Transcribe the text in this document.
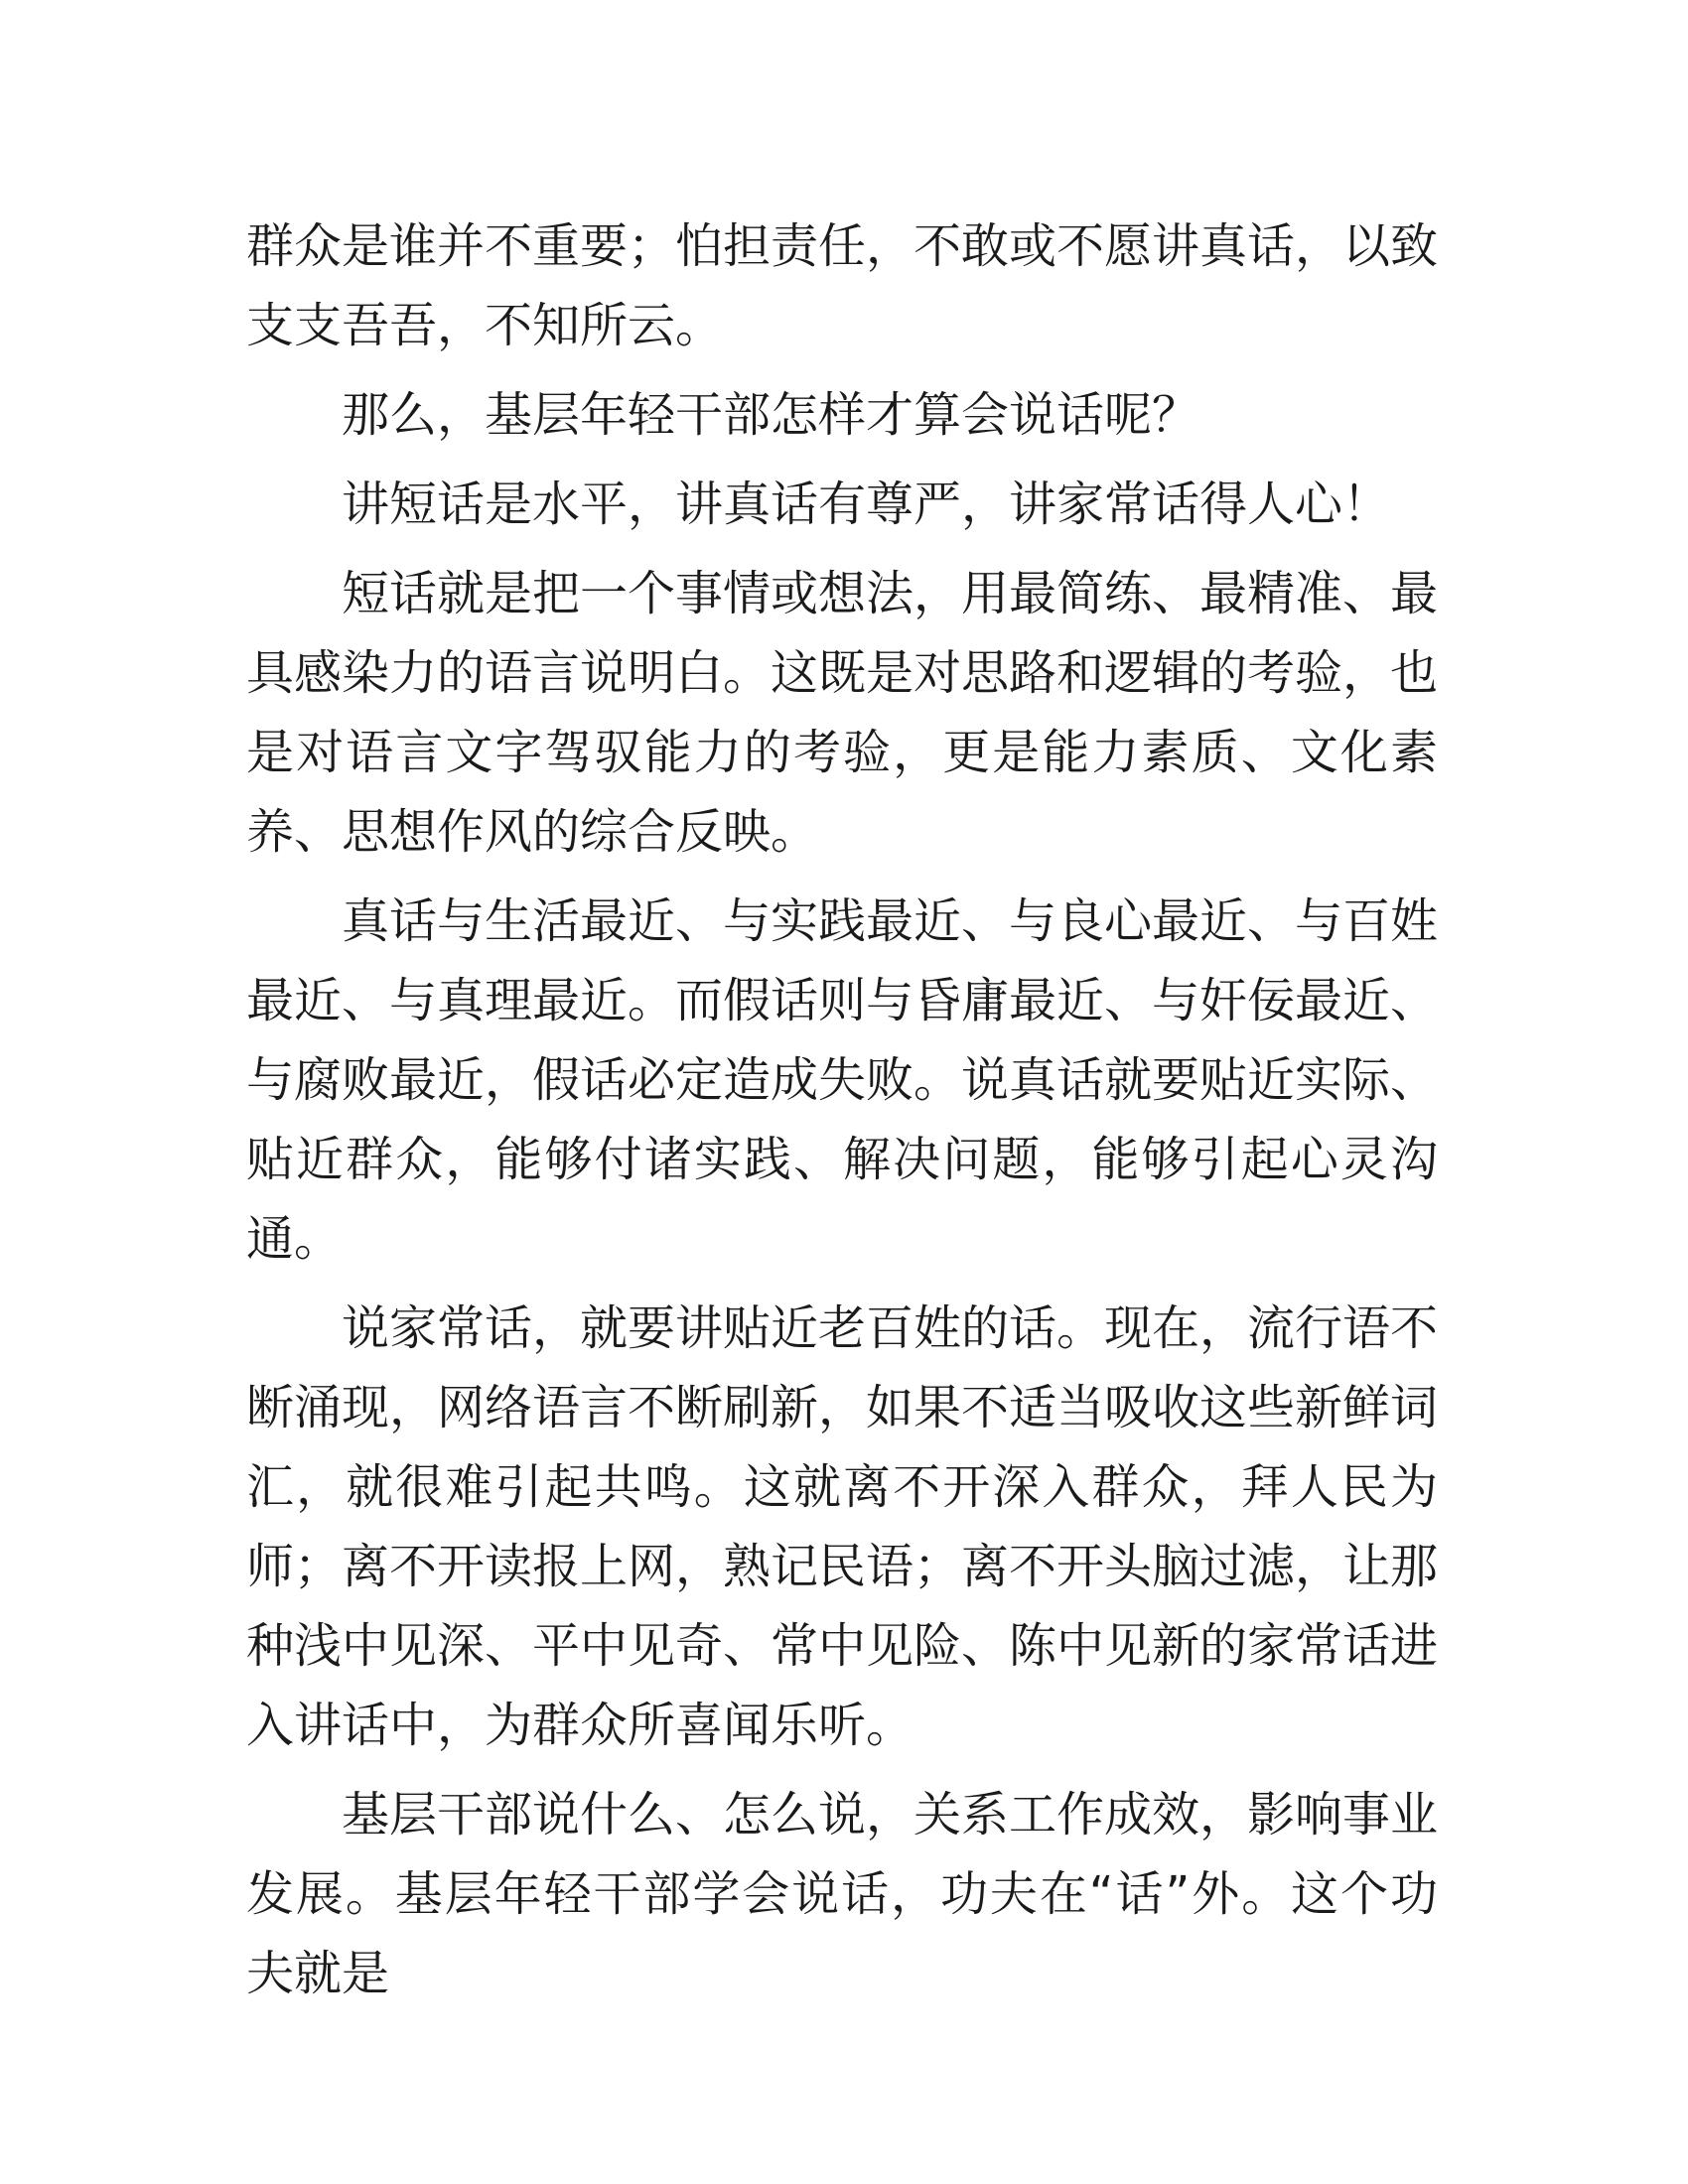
群众是谁并不重要；怕担责任，不敢或不愿讲真话，以致支支吾吾，不知所云。

那么，基层年轻干部怎样才算会说话呢？

讲短话是水平，讲真话有尊严，讲家常话得人心！

短话就是把一个事情或想法，用最简练、最精准、最具感染力的语言说明白。这既是对思路和逻辑的考验，也是对语言文字驾驭能力的考验，更是能力素质、文化素养、思想作风的综合反映。

真话与生活最近、与实践最近、与良心最近、与百姓最近、与真理最近。而假话则与昏庸最近、与奸佞最近、与腐败最近，假话必定造成失败。说真话就要贴近实际、贴近群众，能够付诸实践、解决问题，能够引起心灵沟通。

说家常话，就要讲贴近老百姓的话。现在，流行语不断涌现，网络语言不断刷新，如果不适当吸收这些新鲜词汇，就很难引起共鸣。这就离不开深入群众，拜人民为师；离不开读报上网，熟记民语；离不开头脑过滤，让那种浅中见深、平中见奇、常中见险、陈中见新的家常话进入讲话中，为群众所喜闻乐听。

基层干部说什么、怎么说，关系工作成效，影响事业发展。基层年轻干部学会说话，功夫在“话”外。这个功夫就是
